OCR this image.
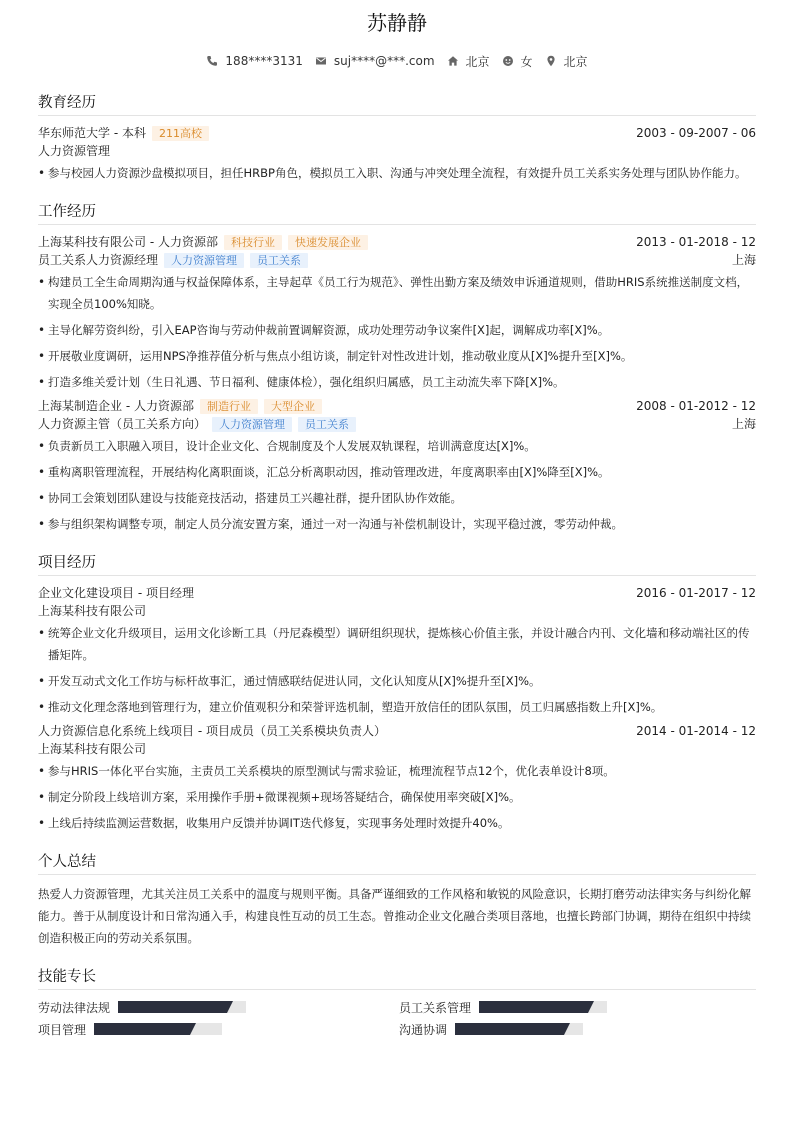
苏静静
188****3131	suj****@***.com	北京	女	北京
教育经历
华东师范大学 - 本科	211高校	2003 - 09-2007 - 06
人力资源管理
• 参与校园人力资源沙盘模拟项目，担任HRBP角色，模拟员工入职、沟通与冲突处理全流程，有效提升员工关系实务处理与团队协作能力。
工作经历
上海某科技有限公司 - 人力资源部	科技行业	快速发展企业	2013 - 01-2018 - 12
员工关系人力资源经理	人力资源管理	员工关系	上海
• 构建员工全生命周期沟通与权益保障体系，主导起草《员工行为规范》、弹性出勤方案及绩效申诉通道规则，借助HRIS系统推送制度文档，实现全员100%知晓。
• 主导化解劳资纠纷，引入EAP咨询与劳动仲裁前置调解资源，成功处理劳动争议案件[X]起，调解成功率[X]%。
• 开展敬业度调研，运用NPS净推荐值分析与焦点小组访谈，制定针对性改进计划，推动敬业度从[X]%提升至[X]%。
• 打造多维关爱计划（生日礼遇、节日福利、健康体检），强化组织归属感，员工主动流失率下降[X]%。
上海某制造企业 - 人力资源部	制造行业	大型企业	2008 - 01-2012 - 12
人力资源主管（员工关系方向）	人力资源管理	员工关系	上海
• 负责新员工入职融入项目，设计企业文化、合规制度及个人发展双轨课程，培训满意度达[X]%。
• 重构离职管理流程，开展结构化离职面谈，汇总分析离职动因，推动管理改进，年度离职率由[X]%降至[X]%。
• 协同工会策划团队建设与技能竞技活动，搭建员工兴趣社群，提升团队协作效能。
• 参与组织架构调整专项，制定人员分流安置方案，通过一对一沟通与补偿机制设计，实现平稳过渡，零劳动仲裁。
项目经历
企业文化建设项目 - 项目经理	2016 - 01-2017 - 12
上海某科技有限公司
• 统筹企业文化升级项目，运用文化诊断工具（丹尼森模型）调研组织现状，提炼核心价值主张，并设计融合内刊、文化墙和移动端社区的传播矩阵。
• 开发互动式文化工作坊与标杆故事汇，通过情感联结促进认同，文化认知度从[X]%提升至[X]%。
• 推动文化理念落地到管理行为，建立价值观积分和荣誉评选机制，塑造开放信任的团队氛围，员工归属感指数上升[X]%。
人力资源信息化系统上线项目 - 项目成员（员工关系模块负责人）	2014 - 01-2014 - 12
上海某科技有限公司
• 参与HRIS一体化平台实施，主责员工关系模块的原型测试与需求验证，梳理流程节点12个，优化表单设计8项。
• 制定分阶段上线培训方案，采用操作手册+微课视频+现场答疑结合，确保使用率突破[X]%。
• 上线后持续监测运营数据，收集用户反馈并协调IT迭代修复，实现事务处理时效提升40%。
个人总结
热爱人力资源管理，尤其关注员工关系中的温度与规则平衡。具备严谨细致的工作风格和敏锐的风险意识，长期打磨劳动法律实务与纠纷化解能力。善于从制度设计和日常沟通入手，构建良性互动的员工生态。曾推动企业文化融合类项目落地，也擅长跨部门协调，期待在组织中持续创造积极正向的劳动关系氛围。
技能专长
劳动法律法规	员工关系管理
项目管理	沟通协调
